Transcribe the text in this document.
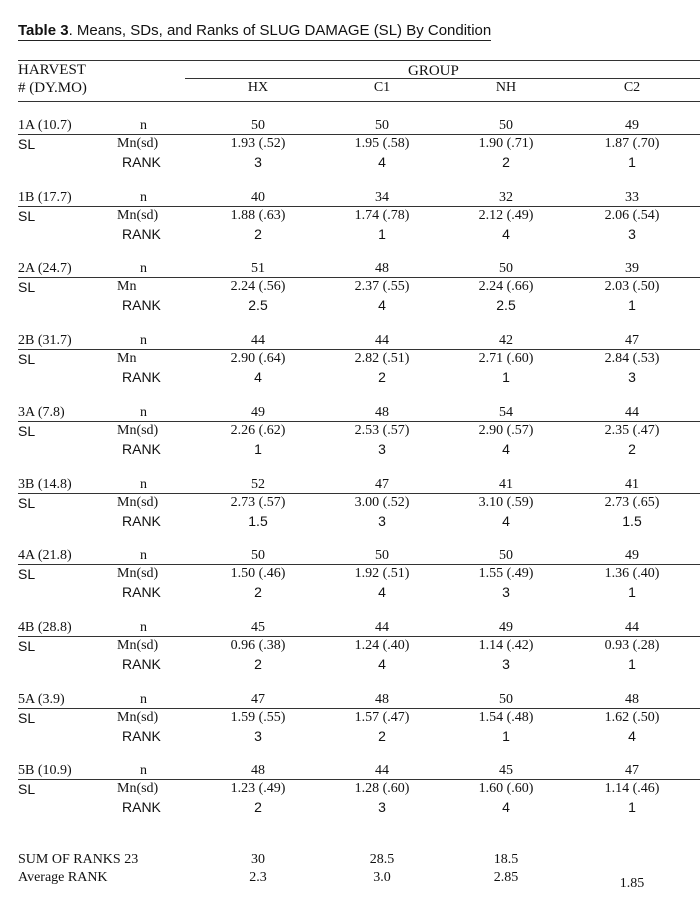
Table 3. Means, SDs, and Ranks of SLUG DAMAGE (SL) By Condition
HARVEST
# (DY.MO)
GROUP
HX	C1	NH	C2
1A (10.7)	n	50	50	50	49
SL	Mn(sd)	1.93 (.52)	1.95 (.58)	1.90 (.71)	1.87 (.70)
RANK	3	4	2	1
1B (17.7)	n	40	34	32	33
SL	Mn(sd)	1.88 (.63)	1.74 (.78)	2.12 (.49)	2.06 (.54)
RANK	2	1	4	3
2A (24.7)	n	51	48	50	39
SL	Mn	2.24 (.56)	2.37 (.55)	2.24 (.66)	2.03 (.50)
RANK	2.5	4	2.5	1
2B (31.7)	n	44	44	42	47
SL	Mn	2.90 (.64)	2.82 (.51)	2.71 (.60)	2.84 (.53)
RANK	4	2	1	3
3A (7.8)	n	49	48	54	44
SL	Mn(sd)	2.26 (.62)	2.53 (.57)	2.90 (.57)	2.35 (.47)
RANK	1	3	4	2
3B (14.8)	n	52	47	41	41
SL	Mn(sd)	2.73 (.57)	3.00 (.52)	3.10 (.59)	2.73 (.65)
RANK	1.5	3	4	1.5
4A (21.8)	n	50	50	50	49
SL	Mn(sd)	1.50 (.46)	1.92 (.51)	1.55 (.49)	1.36 (.40)
RANK	2	4	3	1
4B (28.8)	n	45	44	49	44
SL	Mn(sd)	0.96 (.38)	1.24 (.40)	1.14 (.42)	0.93 (.28)
RANK	2	4	3	1
5A (3.9)	n	47	48	50	48
SL	Mn(sd)	1.59 (.55)	1.57 (.47)	1.54 (.48)	1.62 (.50)
RANK	3	2	1	4
5B (10.9)	n	48	44	45	47
SL	Mn(sd)	1.23 (.49)	1.28 (.60)	1.60 (.60)	1.14 (.46)
RANK	2	3	4	1
SUM OF RANKS 23	30	28.5	18.5
Average RANK	2.3	3.0	2.85	1.85
